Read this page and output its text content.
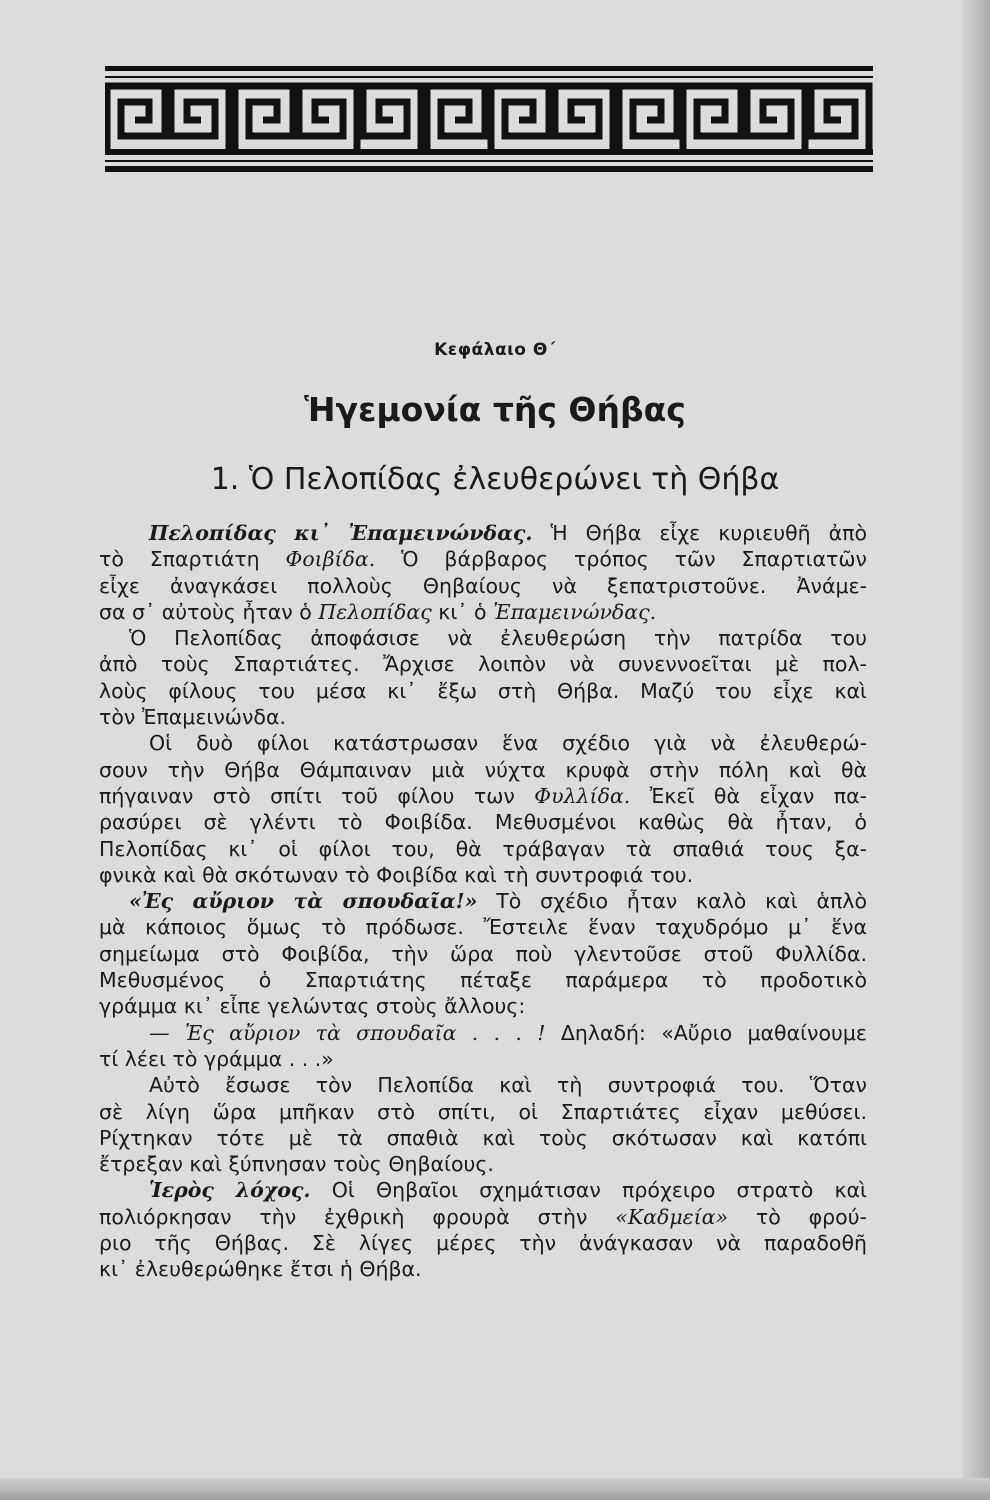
Κεφάλαιο Θ΄
Ἡγεμονία τῆς Θήβας
1. Ὁ Πελοπίδας ἐλευθερώνει τὴ Θήβα
Πελοπίδας κι᾽ Ἐπαμεινώνδας. Ἡ Θήβα εἶχε κυριευθῆ ἀπὸ
τὸ Σπαρτιάτη Φοιβίδα. Ὁ βάρβαρος τρόπος τῶν Σπαρτιατῶν
εἶχε ἀναγκάσει πολλοὺς Θηβαίους νὰ ξεπατριστοῦνε. Ἀνάμε-
σα σ᾽ αὐτοὺς ἦταν ὁ Πελοπίδας κι᾽ ὁ Ἐπαμεινώνδας.
Ὁ Πελοπίδας ἀποφάσισε νὰ ἐλευθερώση τὴν πατρίδα του
ἀπὸ τοὺς Σπαρτιάτες. Ἄρχισε λοιπὸν νὰ συνεννοεῖται μὲ πολ-
λοὺς φίλους του μέσα κι᾽ ἔξω στὴ Θήβα. Μαζύ του εἶχε καὶ
τὸν Ἐπαμεινώνδα.
Οἱ δυὸ φίλοι κατάστρωσαν ἕνα σχέδιο γιὰ νὰ ἐλευθερώ-
σουν τὴν Θήβα Θάμπαιναν μιὰ νύχτα κρυφὰ στὴν πόλη καὶ θὰ
πήγαιναν στὸ σπίτι τοῦ φίλου των Φυλλίδα. Ἐκεῖ θὰ εἶχαν πα-
ρασύρει σὲ γλέντι τὸ Φοιβίδα. Μεθυσμένοι καθὼς θὰ ἦταν, ὁ
Πελοπίδας κι᾽ οἱ φίλοι του, θὰ τράβαγαν τὰ σπαθιά τους ξα-
φνικὰ καὶ θὰ σκότωναν τὸ Φοιβίδα καὶ τὴ συντροφιά του.
«Ἐς αὔριον τὰ σπουδαῖα!» Τὸ σχέδιο ἦταν καλὸ καὶ ἁπλὸ
μὰ κάποιος ὅμως τὸ πρόδωσε. Ἔστειλε ἕναν ταχυδρόμο μ᾽ ἕνα
σημείωμα στὸ Φοιβίδα, τὴν ὥρα ποὺ γλεντοῦσε στοῦ Φυλλίδα.
Μεθυσμένος ὁ Σπαρτιάτης πέταξε παράμερα τὸ προδοτικὸ
γράμμα κι᾽ εἶπε γελώντας στοὺς ἄλλους:
— Ἐς αὔριον τὰ σπουδαῖα . . . ! Δηλαδή: «Αὔριο μαθαίνουμε
τί λέει τὸ γράμμα . . .»
Αὐτὸ ἔσωσε τὸν Πελοπίδα καὶ τὴ συντροφιά του. Ὅταν
σὲ λίγη ὥρα μπῆκαν στὸ σπίτι, οἱ Σπαρτιάτες εἶχαν μεθύσει.
Ρίχτηκαν τότε μὲ τὰ σπαθιὰ καὶ τοὺς σκότωσαν καὶ κατόπι
ἔτρεξαν καὶ ξύπνησαν τοὺς Θηβαίους.
Ἱερὸς λόχος. Οἱ Θηβαῖοι σχημάτισαν πρόχειρο στρατὸ καὶ
πολιόρκησαν τὴν ἐχθρικὴ φρουρὰ στὴν «Καδμεία» τὸ φρού-
ριο τῆς Θήβας. Σὲ λίγες μέρες τὴν ἀνάγκασαν νὰ παραδοθῆ
κι᾽ ἐλευθερώθηκε ἔτσι ἡ Θήβα.
